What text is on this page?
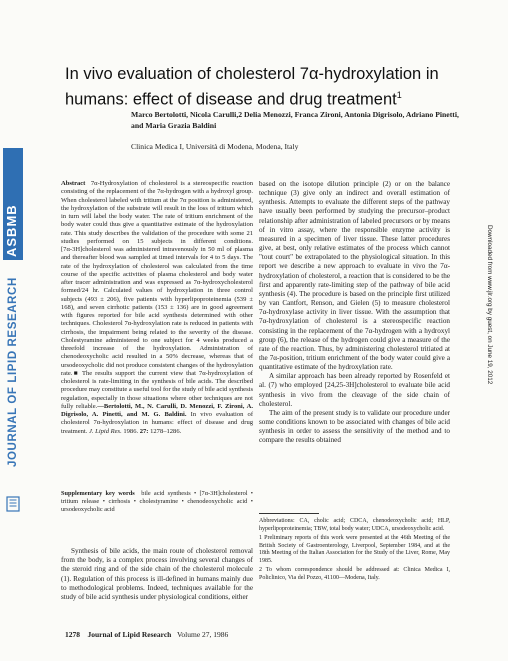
ASBMB
JOURNAL OF LIPID RESEARCH	Downloaded from www.jlr.org by guest, on June 19, 2012
In vivo evaluation of cholesterol 7α-hydroxylation in humans: effect of disease and drug treatment$^1$

Marco Bertolotti, Nicola Carulli,2 Delia Menozzi, Franca Zironi, Antonia Digrisolo, Adriano Pinetti, and Maria Grazia Baldini

Clinica Medica I, Università di Modena, Modena, Italy

Abstract 7α-Hydroxylation of cholesterol is a stereospecific reaction consisting of the replacement of the 7α-hydrogen with a hydroxyl group. When cholesterol labeled with tritium at the 7α position is administered, the hydroxylation of the substrate will result in the loss of tritium which in turn will label the body water. The rate of tritium enrichment of the body water could thus give a quantitative estimate of the hydroxylation rate. This study describes the validation of the procedure with some 21 studies performed on 15 subjects in different conditions. [7α-3H]cholesterol was administered intravenously in 50 ml of plasma and thereafter blood was sampled at timed intervals for 4 to 5 days. The rate of the hydroxylation of cholesterol was calculated from the time course of the specific activities of plasma cholesterol and body water after tracer administration and was expressed as 7α-hydroxycholesterol formed/24 hr. Calculated values of hydroxylation in three control subjects (493 ± 206), five patients with hyperlipoproteinemia (539 ± 168), and seven cirrhotic patients (153 ± 136) are in good agreement with figures reported for bile acid synthesis determined with other techniques. Cholesterol 7α-hydroxylation rate is reduced in patients with cirrhosis, the impairment being related to the severity of the disease. Cholestyramine administered to one subject for 4 weeks produced a threefold increase of the hydroxylation. Administration of chenodeoxycholic acid resulted in a 50% decrease, whereas that of ursodeoxycholic did not produce consistent changes of the hydroxylation rate.■ The results support the current view that 7α-hydroxylation of cholesterol is rate-limiting in the synthesis of bile acids. The described procedure may constitute a useful tool for the study of bile acid synthesis regulation, especially in those situations where other techniques are not fully reliable.—Bertolotti, M., N. Carulli, D. Menozzi, F. Zironi, A. Digrisolo, A. Pinetti, and M. G. Baldini. In vivo evaluation of cholesterol 7α-hydroxylation in humans: effect of disease and drug treatment. J. Lipid Res. 1986. 27: 1278–1286.

Supplementary key words bile acid synthesis • [7α-3H]cholesterol • tritium release • cirrhosis • cholestyramine • chenodeoxycholic acid • ursodeoxycholic acid

Synthesis of bile acids, the main route of cholesterol removal from the body, is a complex process involving several changes of the steroid ring and of the side chain of the cholesterol molecule (1). Regulation of this process is ill-defined in humans mainly due to methodological problems. Indeed, techniques available for the study of bile acid synthesis under physiological conditions, either

based on the isotope dilution principle (2) or on the balance technique (3) give only an indirect and overall estimation of synthesis. Attempts to evaluate the different steps of the pathway have usually been performed by studying the precursor–product relationship after administration of labeled precursors or by means of in vitro assay, where the responsible enzyme activity is measured in a specimen of liver tissue. These latter procedures give, at best, only relative estimates of the process which cannot "tout court" be extrapolated to the physiological situation. In this report we describe a new approach to evaluate in vivo the 7α-hydroxylation of cholesterol, a reaction that is considered to be the first and apparently rate-limiting step of the pathway of bile acid synthesis (4). The procedure is based on the principle first utilized by van Cantfort, Renson, and Gielen (5) to measure cholesterol 7α-hydroxylase activity in liver tissue. With the assumption that 7α-hydroxylation of cholesterol is a stereospecific reaction consisting in the replacement of the 7α-hydrogen with a hydroxyl group (6), the release of the hydrogen could give a measure of the rate of the reaction. Thus, by administering cholesterol tritiated at the 7α-position, tritium enrichment of the body water could give a quantitative estimate of the hydroxylation rate.

A similar approach has been already reported by Rosenfeld et al. (7) who employed [24,25-3H]cholesterol to evaluate bile acid synthesis in vivo from the cleavage of the side chain of cholesterol.

The aim of the present study is to validate our procedure under some conditions known to be associated with changes of bile acid synthesis in order to assess the sensitivity of the method and to compare the results obtained

Abbreviations: CA, cholic acid; CDCA, chenodeoxycholic acid; HLP, hyperlipoproteinemia; TBW, total body water; UDCA, ursodeoxycholic acid.

1 Preliminary reports of this work were presented at the 46th Meeting of the British Society of Gastroenterology, Liverpool, September 1984, and at the 18th Meeting of the Italian Association for the Study of the Liver, Rome, May 1985.

2 To whom correspondence should be addressed at: Clinica Medica I, Policlinico, Via del Pozzo, 41100—Modena, Italy.

1278 Journal of Lipid Research Volume 27, 1986
